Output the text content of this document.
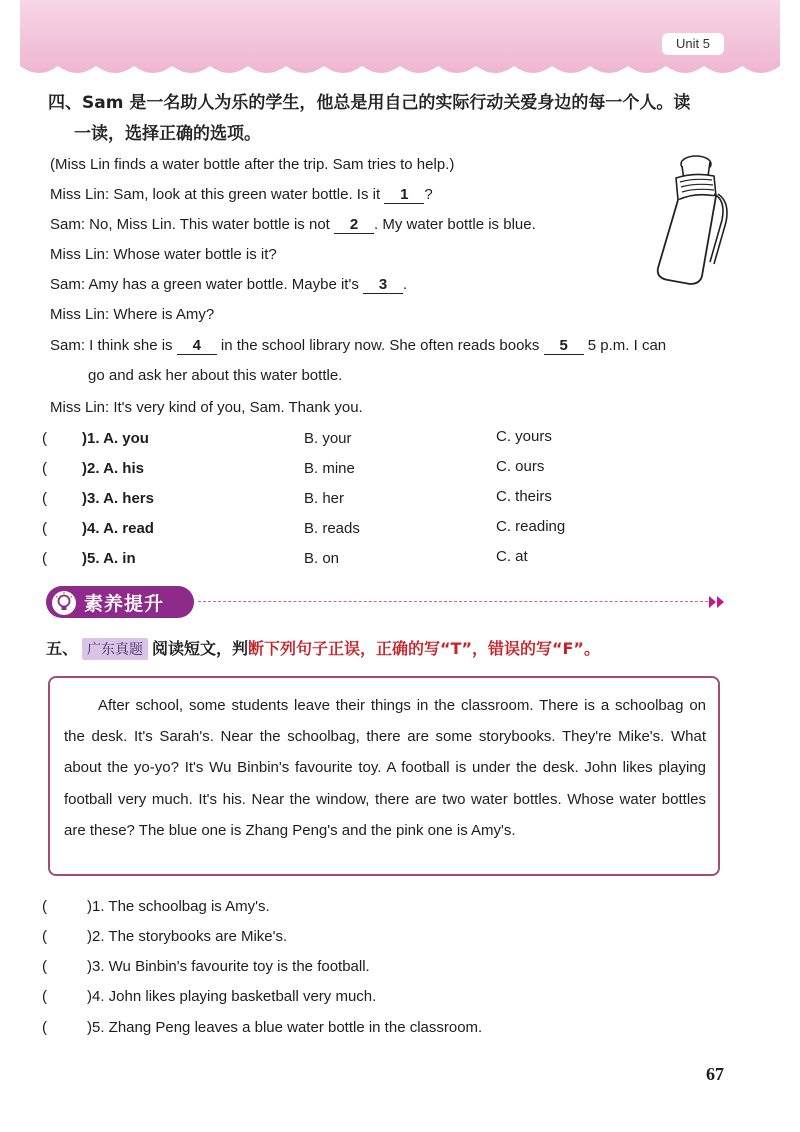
Unit 5
四、Sam 是一名助人为乐的学生，他总是用自己的实际行动关爱身边的每一个人。读
一读，选择正确的选项。
(Miss Lin finds a water bottle after the trip. Sam tries to help.)
Miss Lin: Sam, look at this green water bottle. Is it 1 ?
Sam: No, Miss Lin. This water bottle is not 2 . My water bottle is blue.
Miss Lin: Whose water bottle is it?
Sam: Amy has a green water bottle. Maybe it's 3 .
Miss Lin: Where is Amy?
Sam: I think she is 4 in the school library now. She often reads books 5 5 p.m. I can
go and ask her about this water bottle.
Miss Lin: It's very kind of you, Sam. Thank you.
( )1. A. you	B. your	C. yours
( )2. A. his	B. mine	C. ours
( )3. A. hers	B. her	C. theirs
( )4. A. read	B. reads	C. reading
( )5. A. in	B. on	C. at
素养提升
五、 广东真题 阅读短文，判断下列句子正误，正确的写“T”，错误的写“F”。

After school, some students leave their things in the classroom. There is a schoolbag on the desk. It's Sarah's. Near the schoolbag, there are some storybooks. They're Mike's. What about the yo-yo? It's Wu Binbin's favourite toy. A football is under the desk. John likes playing football very much. It's his. Near the window, there are two water bottles. Whose water bottles are these? The blue one is Zhang Peng's and the pink one is Amy's.

(	)1. The schoolbag is Amy's.
(	)2. The storybooks are Mike's.
(	)3. Wu Binbin's favourite toy is the football.
(	)4. John likes playing basketball very much.
(	)5. Zhang Peng leaves a blue water bottle in the classroom.
67
